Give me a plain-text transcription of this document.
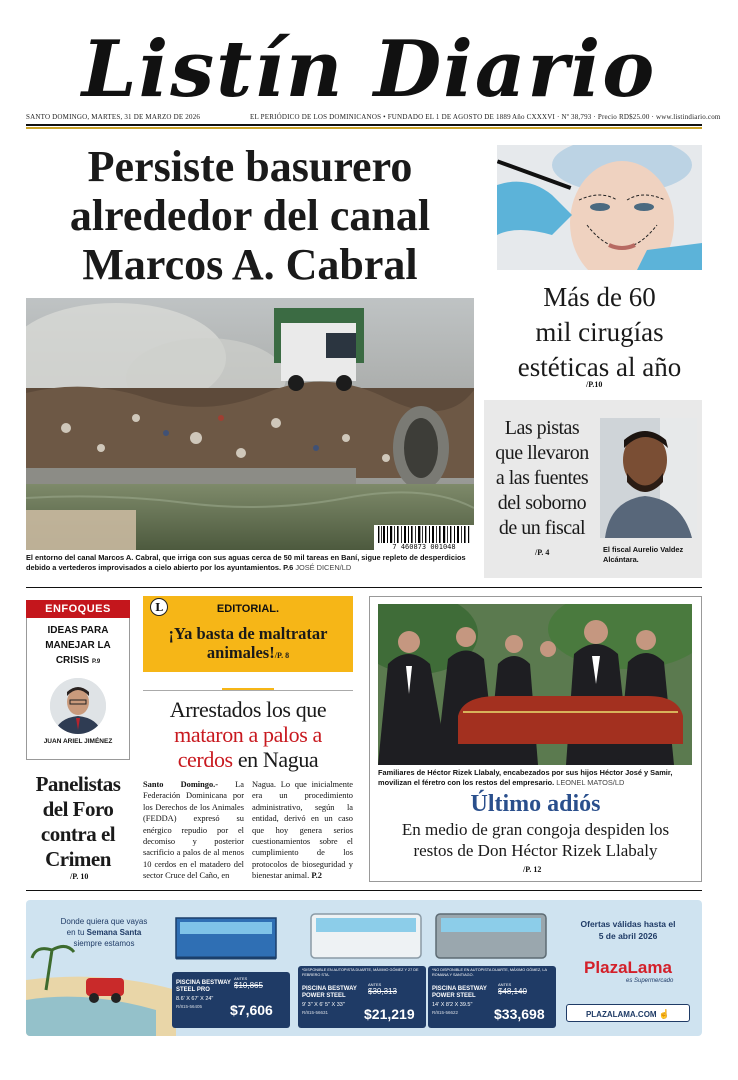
Listín Diario
SANTO DOMINGO, MARTES, 31 DE MARZO DE 2026	EL PERIÓDICO DE LOS DOMINICANOS • FUNDADO EL 1 DE AGOSTO DE 1889 Año CXXXVI · Nº 38,793 · Precio RD$25.00 · www.listindiario.com
Persiste basurero
alrededor del canal
Marcos A. Cabral
7 460873 001048
El entorno del canal Marcos A. Cabral, que irriga con sus aguas cerca de 50 mil tareas en Baní, sigue repleto de desperdicios debido a vertederos improvisados a cielo abierto por los ayuntamientos. P.6 JOSÉ DICEN/LD
Más de 60
mil cirugías
estéticas al año
/P.10
Las pistas
que llevaron
a las fuentes
del soborno
de un fiscal
/P. 4	El fiscal Aurelio Valdez Alcántara.
ENFOQUES
IDEAS PARA
MANEJAR LA
CRISIS P.9
JUAN ARIEL JIMÉNEZ
Panelistas
del Foro
contra el
Crimen
/P. 10
L	EDITORIAL.
¡Ya basta de maltratar
animales!/P. 8
Arrestados los que
mataron a palos a
cerdos en Nagua
Santo Domingo.- La Federación Dominicana por los Derechos de los Animales (FEDDA) expresó su enérgico repudio por el decomiso y posterior sacrificio a palos de al menos 10 cerdos en el matadero del sector Cruce del Caño, en
Nagua. Lo que inicialmente era un procedimiento administrativo, según la entidad, derivó en un caso que hoy genera serios cuestionamientos sobre el cumplimiento de los protocolos de bioseguridad y bienestar animal. P.2
Familiares de Héctor Rizek Llabaly, encabezados por sus hijos Héctor José y Samir, movilizan el féretro con los restos del empresario. LEONEL MATOS/LD
Último adiós
En medio de gran congoja despiden los
restos de Don Héctor Rizek Llabaly
/P. 12
Donde quiera que vayas
en tu Semana Santa
siempre estamos
PISCINA BESTWAY STEEL PRO
8.6' X 67' X 24"
R/815-56405
ANTES
$10,865
$7,606
*DISPONIBLE EN AUTOPISTA DUARTE, MÁXIMO GÓMEZ Y 27 DE FEBRERO STA.
PISCINA BESTWAY POWER STEEL
9' 3" X 6' 5" X 33"
R/815-56631
ANTES
$30,313
$21,219
*NO DISPONIBLE EN AUTOPISTA DUARTE, MÁXIMO GÓMEZ, LA ROMANA Y SANTIAGO.
PISCINA BESTWAY POWER STEEL
14' X 8'2 X 39.5"
R/815-56622
ANTES
$48,140
$33,698
Ofertas válidas hasta el
5 de abril 2026
PlazaLama
es Supermercado
PLAZALAMA.COM ☝
